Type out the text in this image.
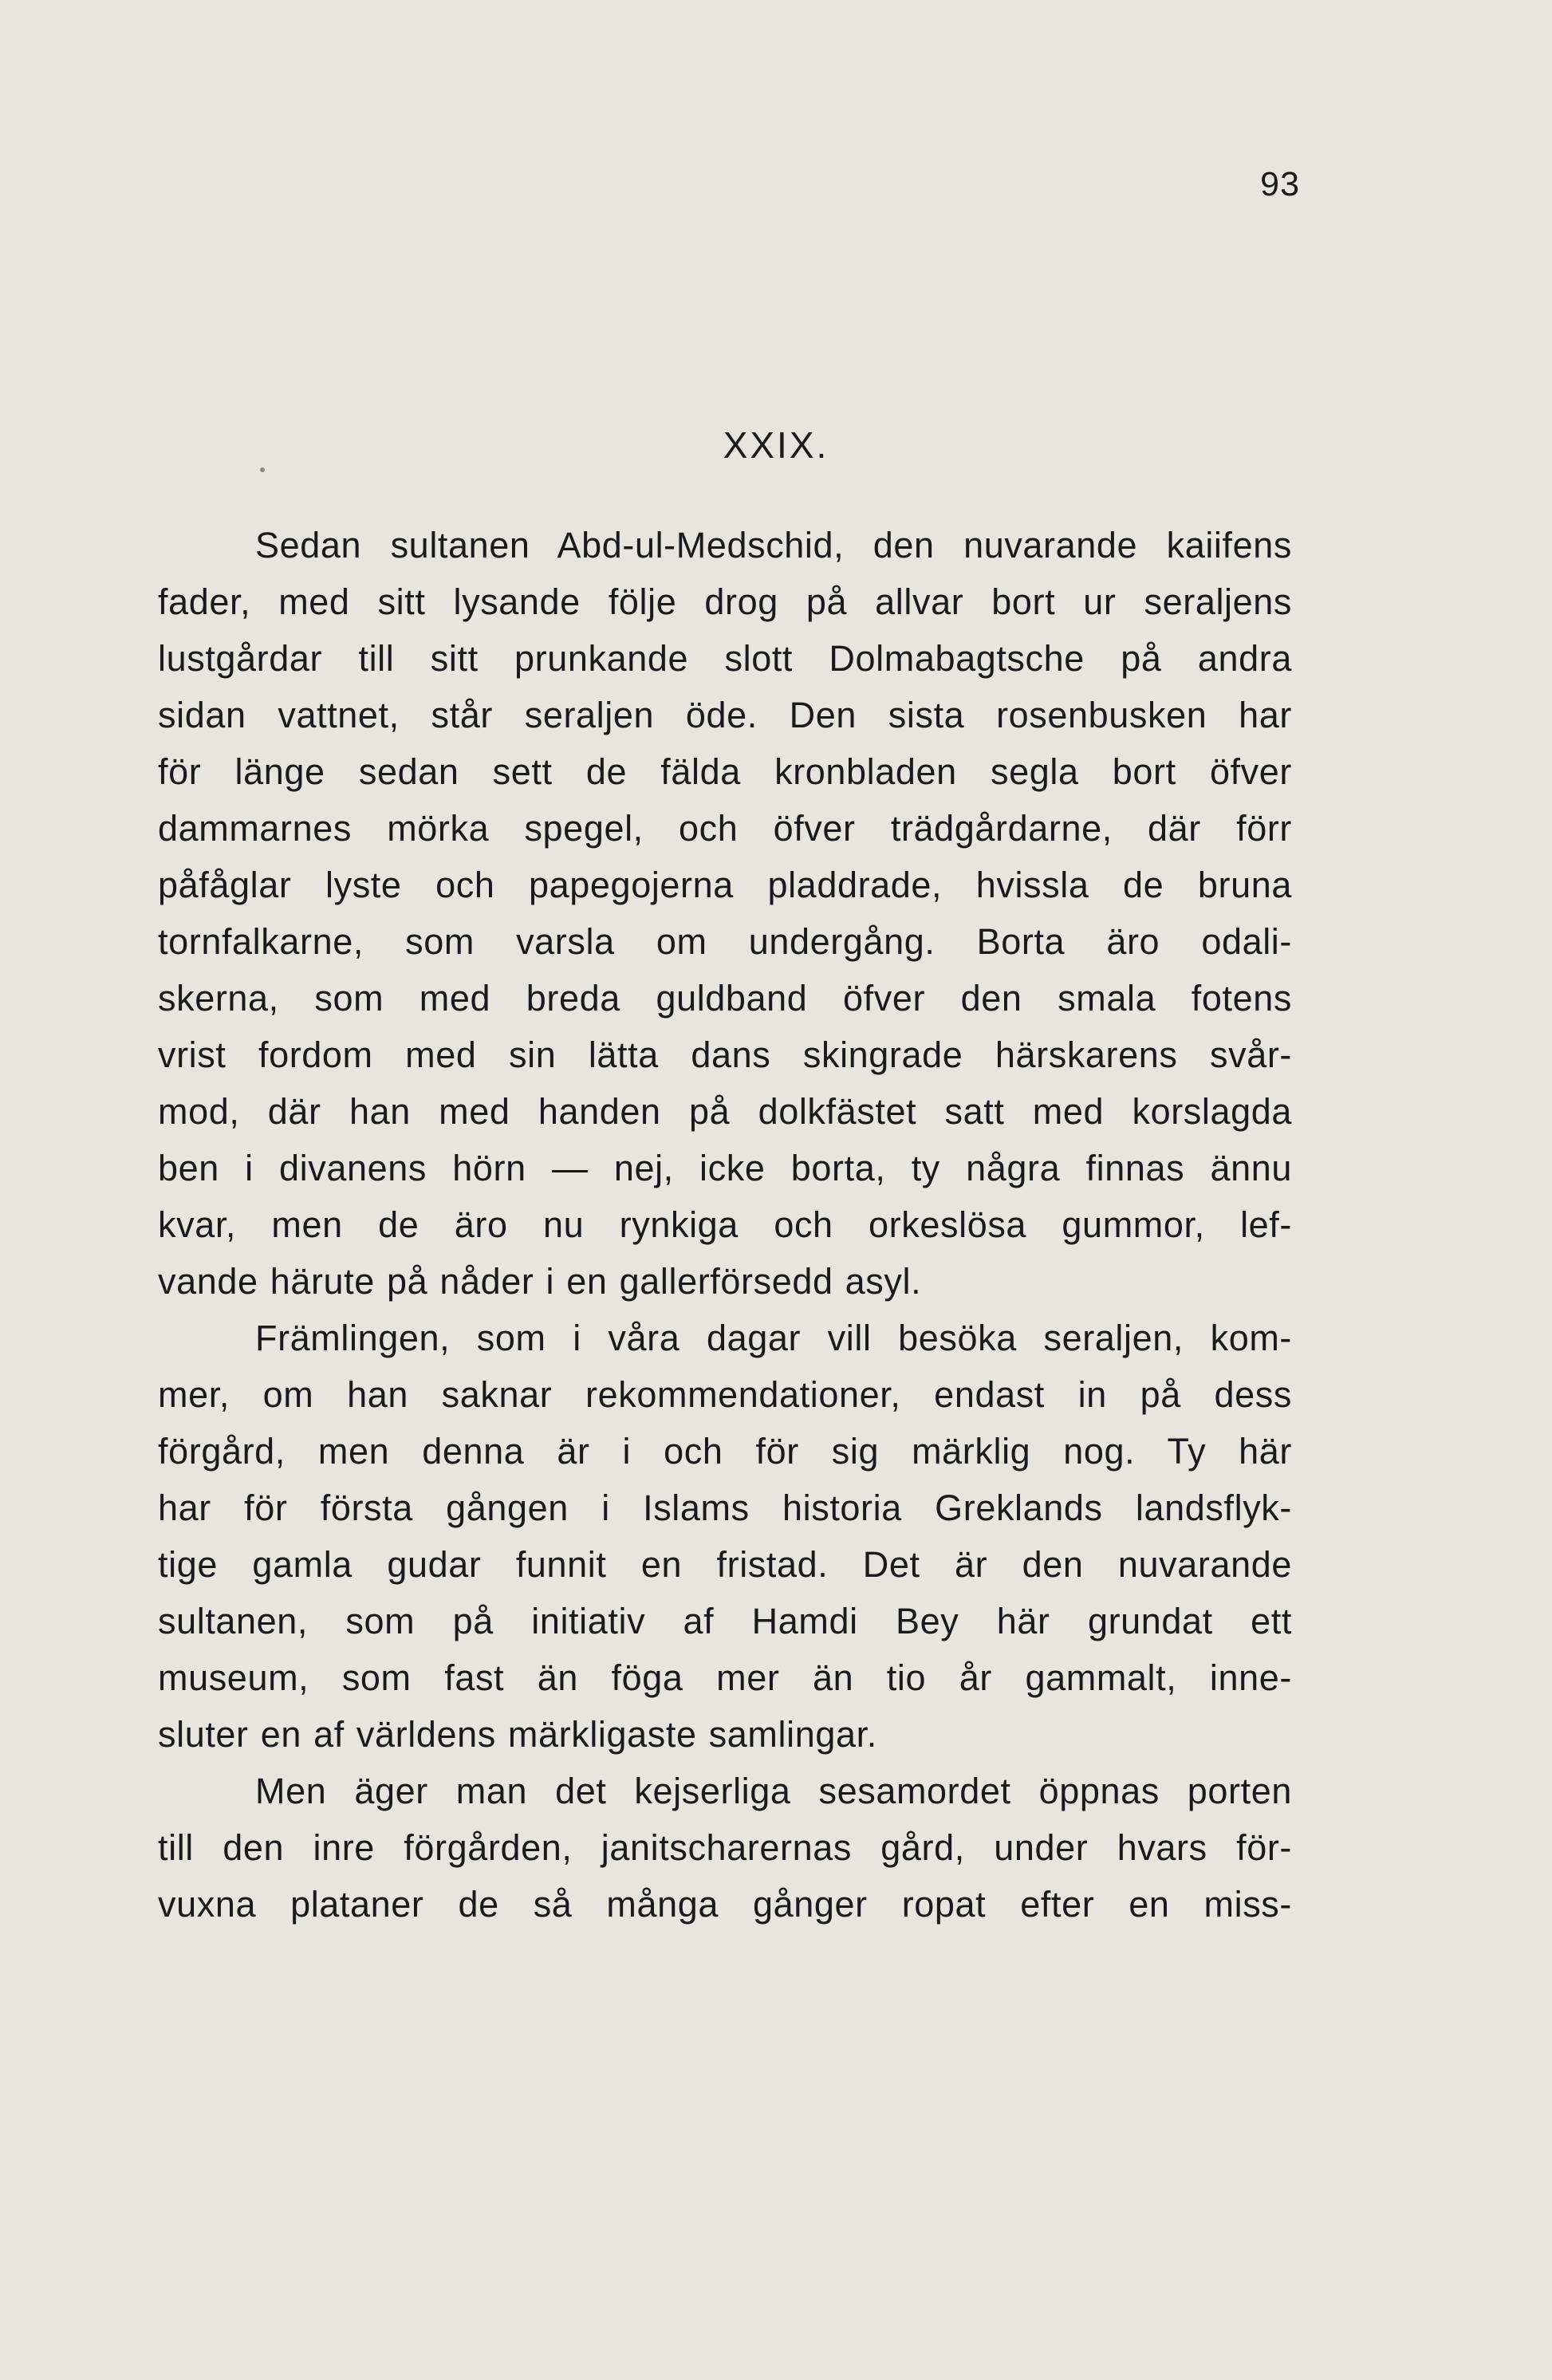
93
XXIX.
Sedan sultanen Abd-ul-Medschid, den nuvarande kaiifens
fader, med sitt lysande följe drog på allvar bort ur seraljens
lustgårdar till sitt prunkande slott Dolmabagtsche på andra
sidan vattnet, står seraljen öde. Den sista rosenbusken har
för länge sedan sett de fälda kronbladen segla bort öfver
dammarnes mörka spegel, och öfver trädgårdarne, där förr
påfåglar lyste och papegojerna pladdrade, hvissla de bruna
tornfalkarne, som varsla om undergång. Borta äro odali-
skerna, som med breda guldband öfver den smala fotens
vrist fordom med sin lätta dans skingrade härskarens svår-
mod, där han med handen på dolkfästet satt med korslagda
ben i divanens hörn — nej, icke borta, ty några finnas ännu
kvar, men de äro nu rynkiga och orkeslösa gummor, lef-
vande härute på nåder i en gallerförsedd asyl.
Främlingen, som i våra dagar vill besöka seraljen, kom-
mer, om han saknar rekommendationer, endast in på dess
förgård, men denna är i och för sig märklig nog. Ty här
har för första gången i Islams historia Greklands landsflyk-
tige gamla gudar funnit en fristad. Det är den nuvarande
sultanen, som på initiativ af Hamdi Bey här grundat ett
museum, som fast än föga mer än tio år gammalt, inne-
sluter en af världens märkligaste samlingar.
Men äger man det kejserliga sesamordet öppnas porten
till den inre förgården, janitscharernas gård, under hvars för-
vuxna plataner de så många gånger ropat efter en miss-
